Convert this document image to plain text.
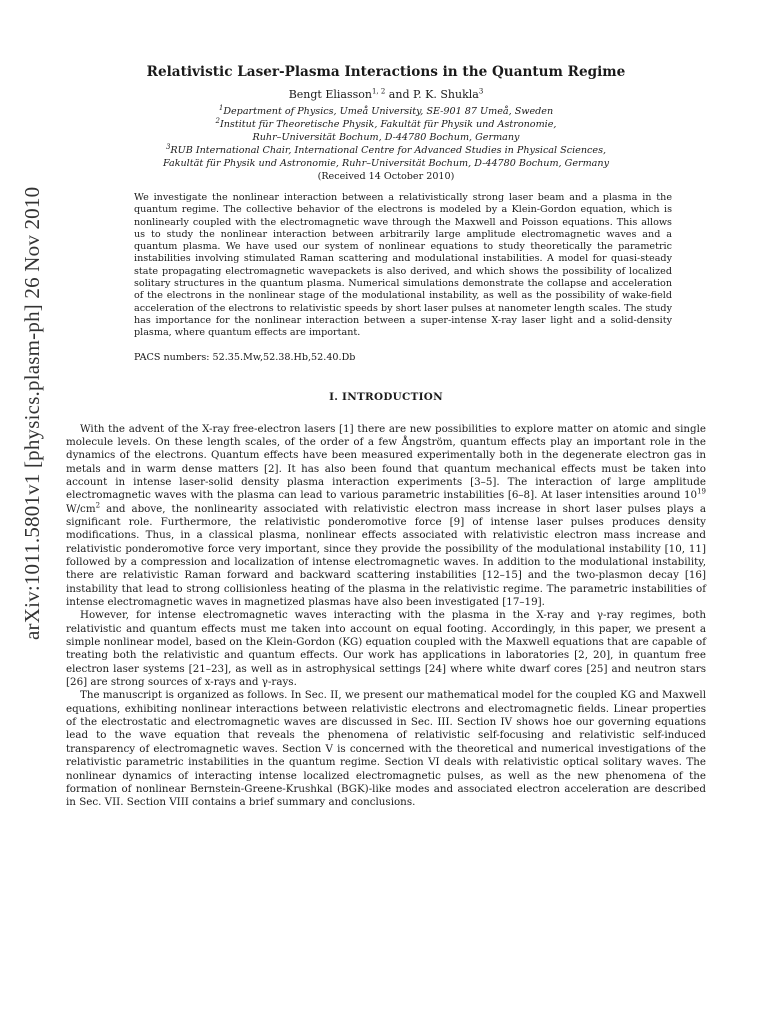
arXiv:1011.5801v1 [physics.plasm-ph] 26 Nov 2010
Relativistic Laser-Plasma Interactions in the Quantum Regime
Bengt Eliasson$^{1, 2}$ and P. K. Shukla$^3$
$^1$Department of Physics, Umeå University, SE-901 87 Umeå, Sweden
$^2$Institut für Theoretische Physik, Fakultät für Physik und Astronomie,
Ruhr–Universität Bochum, D-44780 Bochum, Germany
$^3$RUB International Chair, International Centre for Advanced Studies in Physical Sciences,
Fakultät für Physik und Astronomie, Ruhr–Universität Bochum, D-44780 Bochum, Germany
(Received 14 October 2010)
We investigate the nonlinear interaction between a relativistically strong laser beam and a plasma in the quantum regime. The collective behavior of the electrons is modeled by a Klein-Gordon equation, which is nonlinearly coupled with the electromagnetic wave through the Maxwell and Poisson equations. This allows us to study the nonlinear interaction between arbitrarily large amplitude electromagnetic waves and a quantum plasma. We have used our system of nonlinear equations to study theoretically the parametric instabilities involving stimulated Raman scattering and modulational instabilities. A model for quasi-steady state propagating electromagnetic wavepackets is also derived, and which shows the possibility of localized solitary structures in the quantum plasma. Numerical simulations demonstrate the collapse and acceleration of the electrons in the nonlinear stage of the modulational instability, as well as the possibility of wake-field acceleration of the electrons to relativistic speeds by short laser pulses at nanometer length scales. The study has importance for the nonlinear interaction between a super-intense X-ray laser light and a solid-density plasma, where quantum effects are important.
PACS numbers: 52.35.Mw,52.38.Hb,52.40.Db
I. INTRODUCTION

With the advent of the X-ray free-electron lasers [1] there are new possibilities to explore matter on atomic and single molecule levels. On these length scales, of the order of a few Ångström, quantum effects play an important role in the dynamics of the electrons. Quantum effects have been measured experimentally both in the degenerate electron gas in metals and in warm dense matters [2]. It has also been found that quantum mechanical effects must be taken into account in intense laser-solid density plasma interaction experiments [3–5]. The interaction of large amplitude electromagnetic waves with the plasma can lead to various parametric instabilities [6–8]. At laser intensities around $10^{19}$ $W/cm^2$ and above, the nonlinearity associated with relativistic electron mass increase in short laser pulses plays a significant role. Furthermore, the relativistic ponderomotive force [9] of intense laser pulses produces density modifications. Thus, in a classical plasma, nonlinear effects associated with relativistic electron mass increase and relativistic ponderomotive force very important, since they provide the possibility of the modulational instability [10, 11] followed by a compression and localization of intense electromagnetic waves. In addition to the modulational instability, there are relativistic Raman forward and backward scattering instabilities [12–15] and the two-plasmon decay [16] instability that lead to strong collisionless heating of the plasma in the relativistic regime. The parametric instabilities of intense electromagnetic waves in magnetized plasmas have also been investigated [17–19].

However, for intense electromagnetic waves interacting with the plasma in the X-ray and γ-ray regimes, both relativistic and quantum effects must me taken into account on equal footing. Accordingly, in this paper, we present a simple nonlinear model, based on the Klein-Gordon (KG) equation coupled with the Maxwell equations that are capable of treating both the relativistic and quantum effects. Our work has applications in laboratories [2, 20], in quantum free electron laser systems [21–23], as well as in astrophysical settings [24] where white dwarf cores [25] and neutron stars [26] are strong sources of x-rays and γ-rays.

The manuscript is organized as follows. In Sec. II, we present our mathematical model for the coupled KG and Maxwell equations, exhibiting nonlinear interactions between relativistic electrons and electromagnetic fields. Linear properties of the electrostatic and electromagnetic waves are discussed in Sec. III. Section IV shows hoe our governing equations lead to the wave equation that reveals the phenomena of relativistic self-focusing and relativistic self-induced transparency of electromagnetic waves. Section V is concerned with the theoretical and numerical investigations of the relativistic parametric instabilities in the quantum regime. Section VI deals with relativistic optical solitary waves. The nonlinear dynamics of interacting intense localized electromagnetic pulses, as well as the new phenomena of the formation of nonlinear Bernstein-Greene-Krushkal (BGK)-like modes and associated electron acceleration are described in Sec. VII. Section VIII contains a brief summary and conclusions.
